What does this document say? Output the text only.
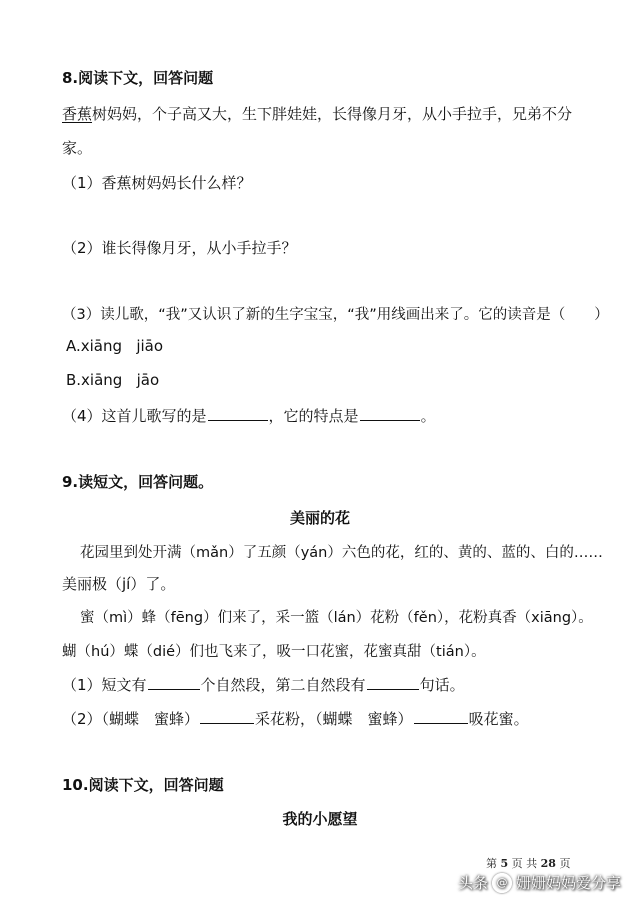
8.阅读下文，回答问题
香蕉树妈妈，个子高又大，生下胖娃娃，长得像月牙，从小手拉手，兄弟不分
家。
（1）香蕉树妈妈长什么样？
（2）谁长得像月牙，从小手拉手？
（3）读儿歌，“我”又认识了新的生字宝宝，“我”用线画出来了。它的读音是（　　）
A.xiāng   jiāo
B.xiāng   jāo
（4）这首儿歌写的是	，它的特点是	。
9.读短文，回答问题。
美丽的花
花园里到处开满（mǎn）了五颜（yán）六色的花，红的、黄的、蓝的、白的……
美丽极（jí）了。
蜜（mì）蜂（fēng）们来了，采一篮（lán）花粉（fěn），花粉真香（xiāng）。
蝴（hú）蝶（dié）们也飞来了，吸一口花蜜，花蜜真甜（tián）。
（1）短文有	个自然段，第二自然段有	句话。
（2）（蝴蝶　蜜蜂）	采花粉，（蝴蝶　蜜蜂）	吸花蜜。
10.阅读下文，回答问题
我的小愿望
第 5 页 共 28 页
头条 @ 姗姗妈妈爱分享
